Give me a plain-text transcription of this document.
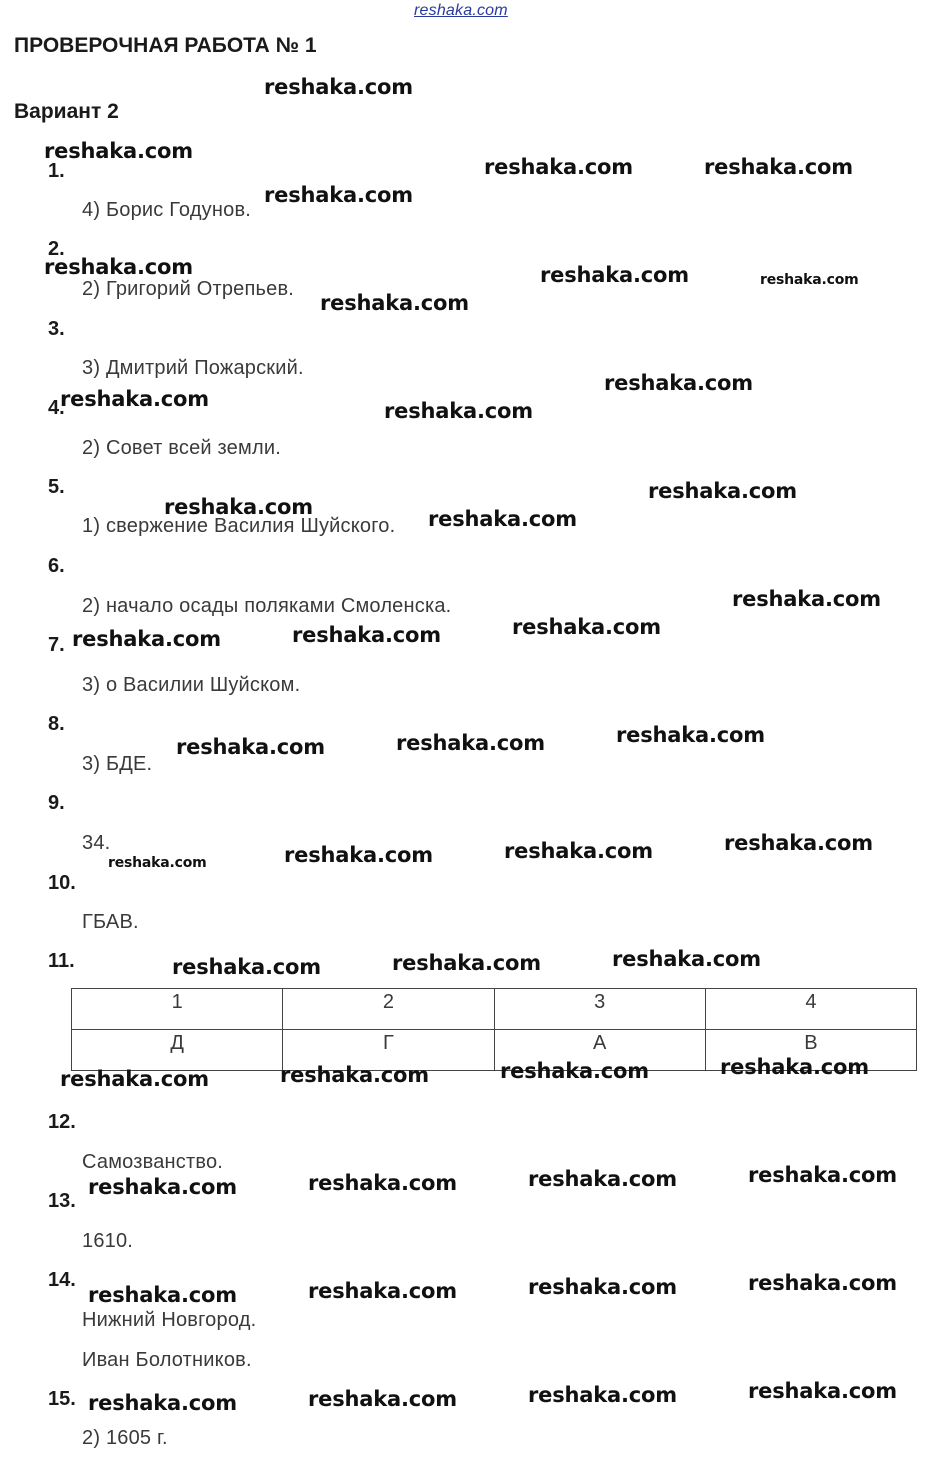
reshaka.com
ПРОВЕРОЧНАЯ РАБОТА № 1
Вариант 2
1.
2.
3.
4.
5.
6.
7.
8.
9.
10.
11.
12.
13.
14.
15.
4) Борис Годунов.
2) Григорий Отрепьев.
3) Дмитрий Пожарский.
2) Совет всей земли.
1) свержение Василия Шуйского.
2) начало осады поляками Смоленска.
3) о Василии Шуйском.
3) БДЕ.
34.
ГБАВ.
Самозванство.
1610.
Нижний Новгород.
Иван Болотников.
2) 1605 г.
1	2	3	4
Д	Г	А	В
reshaka.com
reshaka.com
reshaka.com	reshaka.com
reshaka.com
reshaka.com	reshaka.com	reshaka.com
reshaka.com
reshaka.com
reshaka.com	reshaka.com
reshaka.com
reshaka.com	reshaka.com
reshaka.com
reshaka.com
reshaka.com
reshaka.com
reshaka.com
reshaka.com
reshaka.com
reshaka.com
reshaka.com
reshaka.com
reshaka.com
reshaka.com
reshaka.com
reshaka.com
reshaka.com
reshaka.com
reshaka.com
reshaka.com
reshaka.com
reshaka.com
reshaka.com
reshaka.com
reshaka.com
reshaka.com
reshaka.com
reshaka.com
reshaka.com
reshaka.com
reshaka.com
reshaka.com
